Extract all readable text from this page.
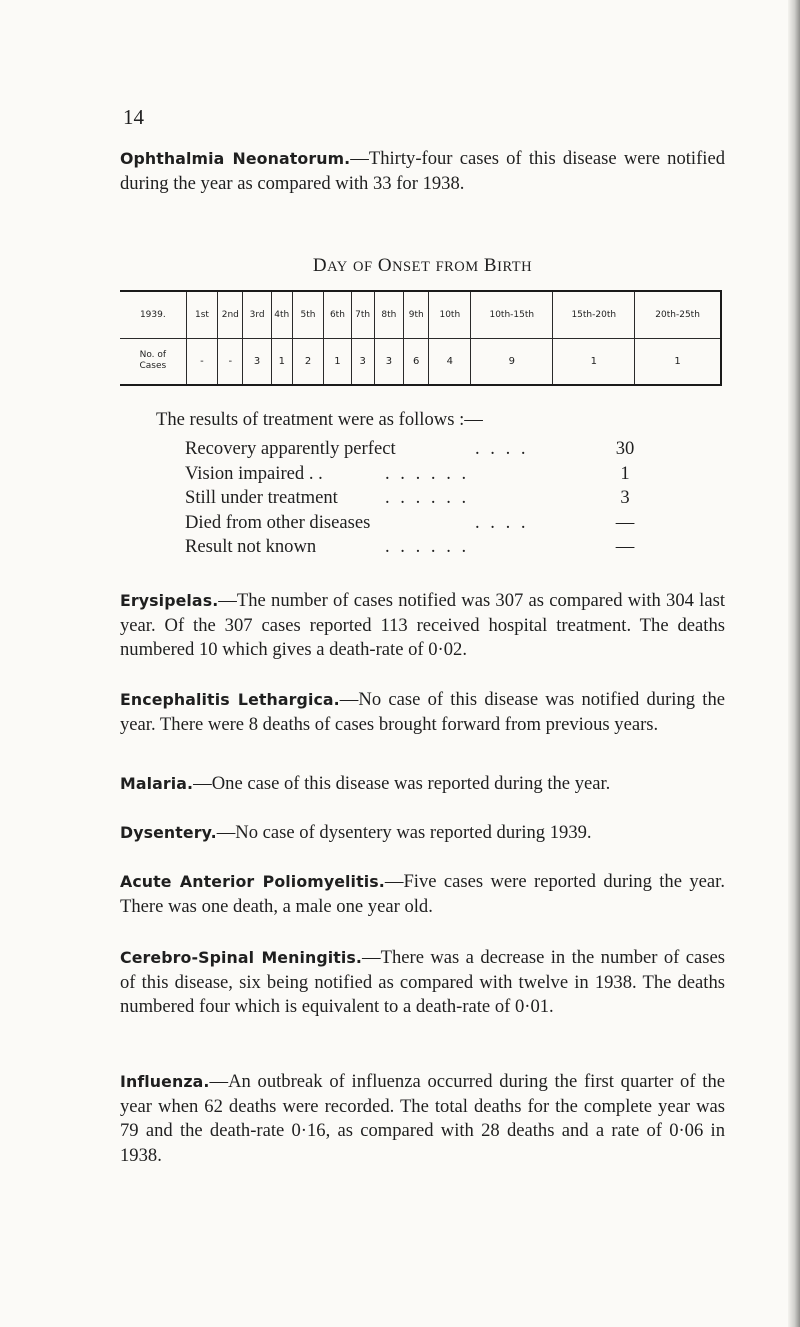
14
Ophthalmia Neonatorum.—Thirty-four cases of this disease were notified during the year as compared with 33 for 1938.
DAY OF ONSET FROM BIRTH
1939.	1st	2nd	3rd	4th	5th	6th	7th	8th	9th	10th	10th-15th	15th-20th	20th-25th
No. of Cases	-	-	3	1	2	1	3	3	6	4	9	1	1
The results of treatment were as follows :—
Recovery apparently perfect	. . . .	30
Vision impaired . .	. . . . . .	1
Still under treatment	. . . . . .	3
Died from other diseases	. . . .	—
Result not known	. . . . . .	—
Erysipelas.—The number of cases notified was 307 as compared with 304 last year. Of the 307 cases reported 113 received hospital treatment. The deaths numbered 10 which gives a death-rate of 0·02.
Encephalitis Lethargica.—No case of this disease was notified during the year. There were 8 deaths of cases brought forward from previous years.
Malaria.—One case of this disease was reported during the year.
Dysentery.—No case of dysentery was reported during 1939.
Acute Anterior Poliomyelitis.—Five cases were reported during the year. There was one death, a male one year old.
Cerebro-Spinal Meningitis.—There was a decrease in the number of cases of this disease, six being notified as compared with twelve in 1938. The deaths numbered four which is equivalent to a death-rate of 0·01.
Influenza.—An outbreak of influenza occurred during the first quarter of the year when 62 deaths were recorded. The total deaths for the complete year was 79 and the death-rate 0·16, as compared with 28 deaths and a rate of 0·06 in 1938.
